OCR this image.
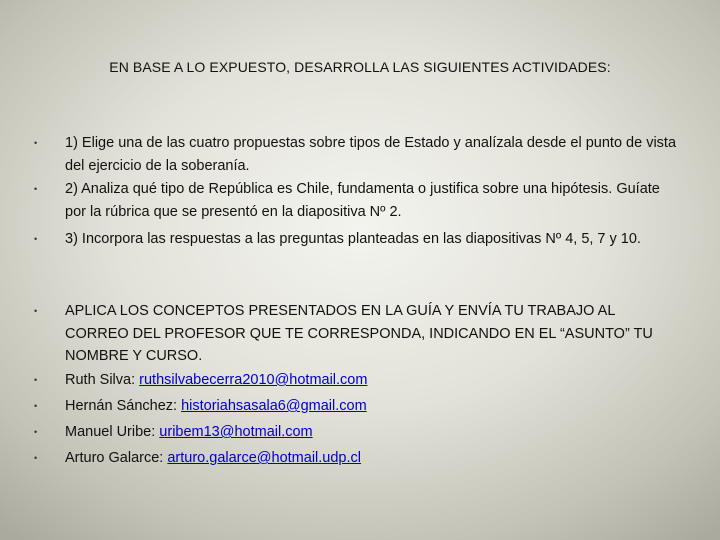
EN BASE A LO EXPUESTO, DESARROLLA LAS SIGUIENTES ACTIVIDADES:
• 1) Elige una de las cuatro propuestas sobre tipos de Estado y analízala desde el punto de vista del ejercicio de la soberanía.
• 2) Analiza qué tipo de República es Chile, fundamenta o justifica sobre una hipótesis. Guíate por la rúbrica que se presentó en la diapositiva Nº 2.
• 3) Incorpora las respuestas a las preguntas planteadas en las diapositivas Nº 4, 5, 7 y 10.
• APLICA LOS CONCEPTOS PRESENTADOS EN LA GUÍA Y ENVÍA TU TRABAJO AL CORREO DEL PROFESOR QUE TE CORRESPONDA, INDICANDO EN EL “ASUNTO” TU NOMBRE Y CURSO.
• Ruth Silva: ruthsilvabecerra2010@hotmail.com
• Hernán Sánchez: historiahsasala6@gmail.com
• Manuel Uribe: uribem13@hotmail.com
• Arturo Galarce: arturo.galarce@hotmail.udp.cl
